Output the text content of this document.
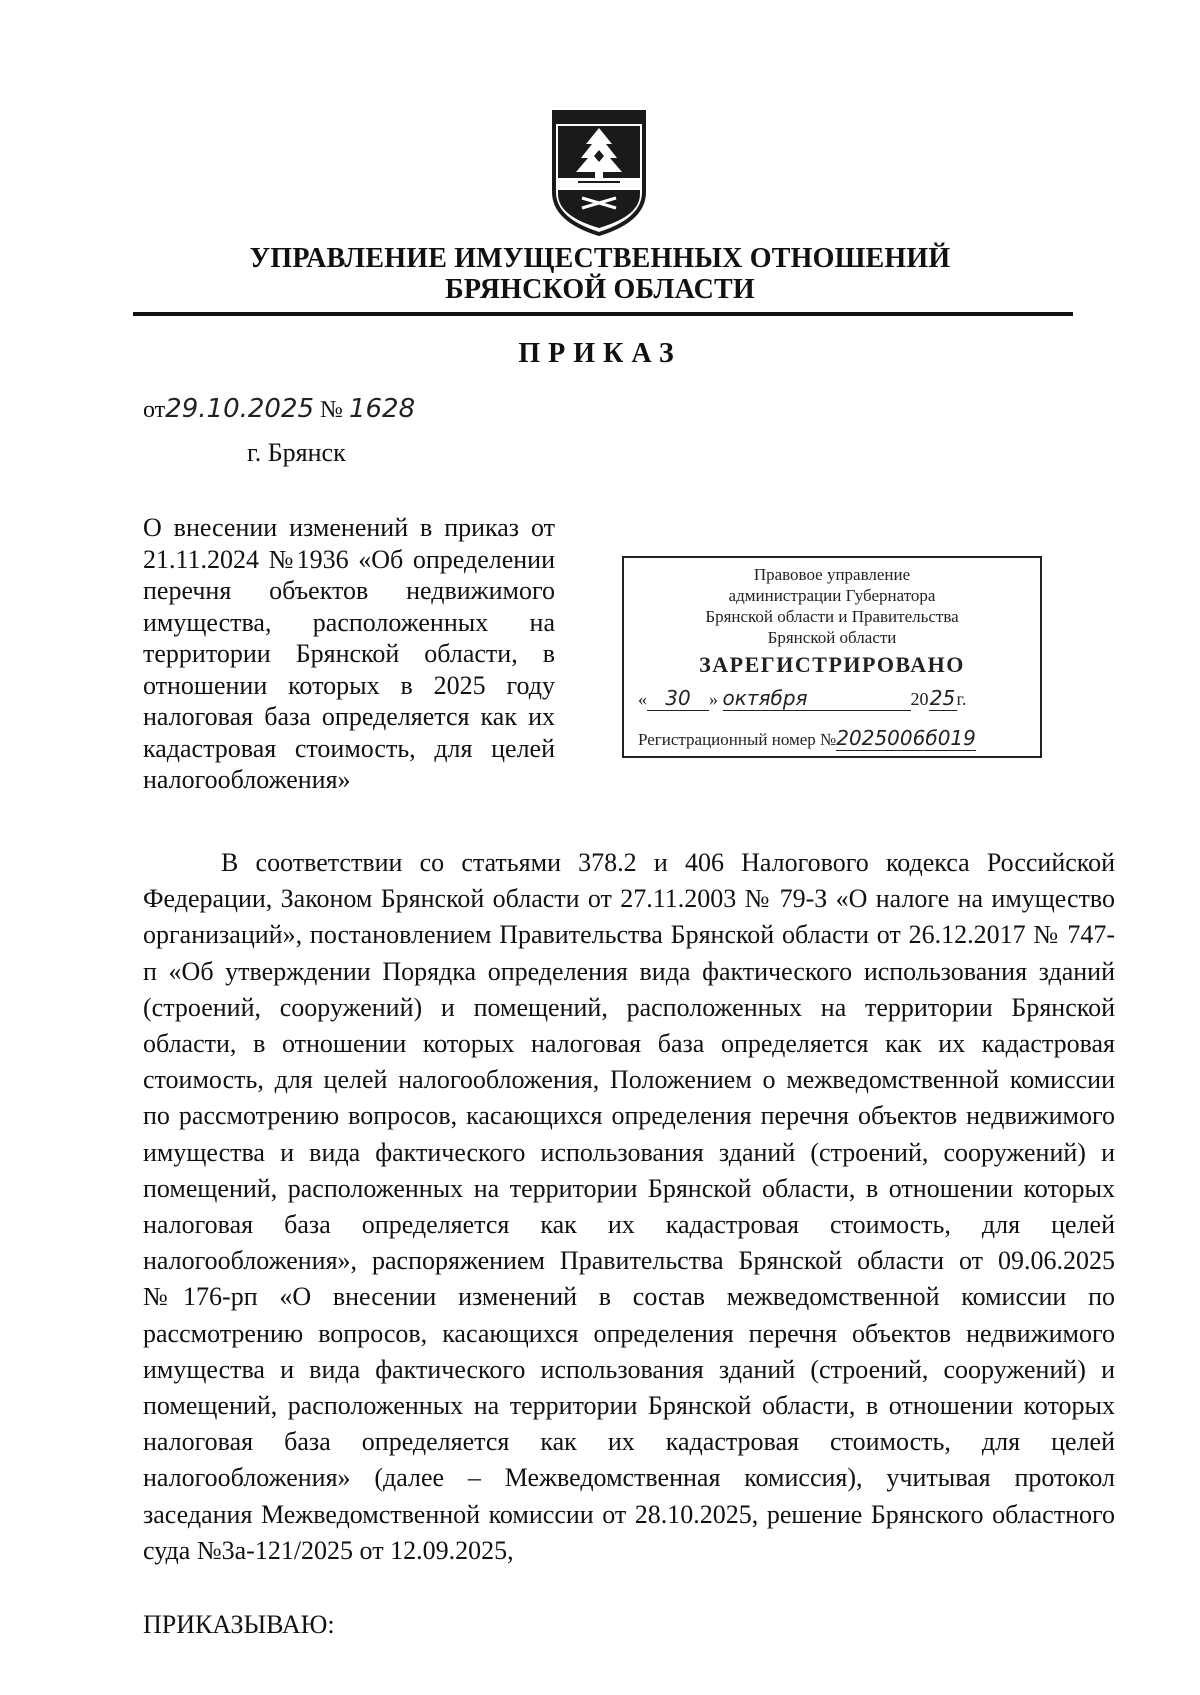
УПРАВЛЕНИЕ ИМУЩЕСТВЕННЫХ ОТНОШЕНИЙ
БРЯНСКОЙ ОБЛАСТИ
ПРИКАЗ
от29.10.2025 № 1628
г. Брянск
О внесении изменений в приказ от 21.11.2024 №1936 «Об определении перечня объектов недвижимого имущества, расположенных на территории Брянской области, в отношении которых в 2025 году налоговая база определяется как их кадастровая стоимость, для целей налогообложения»
Правовое управление
администрации Губернатора
Брянской области и Правительства
Брянской области
ЗАРЕГИСТРИРОВАНО
« 30 » октября	2025г.
Регистрационный номер №2025006б019
В соответствии со статьями 378.2 и 406 Налогового кодекса Российской Федерации, Законом Брянской области от 27.11.2003 № 79-З «О налоге на имущество организаций», постановлением Правительства Брянской области от 26.12.2017 № 747-п «Об утверждении Порядка определения вида фактического использования зданий (строений, сооружений) и помещений, расположенных на территории Брянской области, в отношении которых налоговая база определяется как их кадастровая стоимость, для целей налогообложения, Положением о межведомственной комиссии по рассмотрению вопросов, касающихся определения перечня объектов недвижимого имущества и вида фактического использования зданий (строений, сооружений) и помещений, расположенных на территории Брянской области, в отношении которых налоговая база определяется как их кадастровая стоимость, для целей налогообложения», распоряжением Правительства Брянской области от 09.06.2025 №176-рп «О внесении изменений в состав межведомственной комиссии по рассмотрению вопросов, касающихся определения перечня объектов недвижимого имущества и вида фактического использования зданий (строений, сооружений) и помещений, расположенных на территории Брянской области, в отношении которых налоговая база определяется как их кадастровая стоимость, для целей налогообложения» (далее – Межведомственная комиссия), учитывая протокол заседания Межведомственной комиссии от 28.10.2025, решение Брянского областного суда №3а-121/2025 от 12.09.2025,
ПРИКАЗЫВАЮ:
